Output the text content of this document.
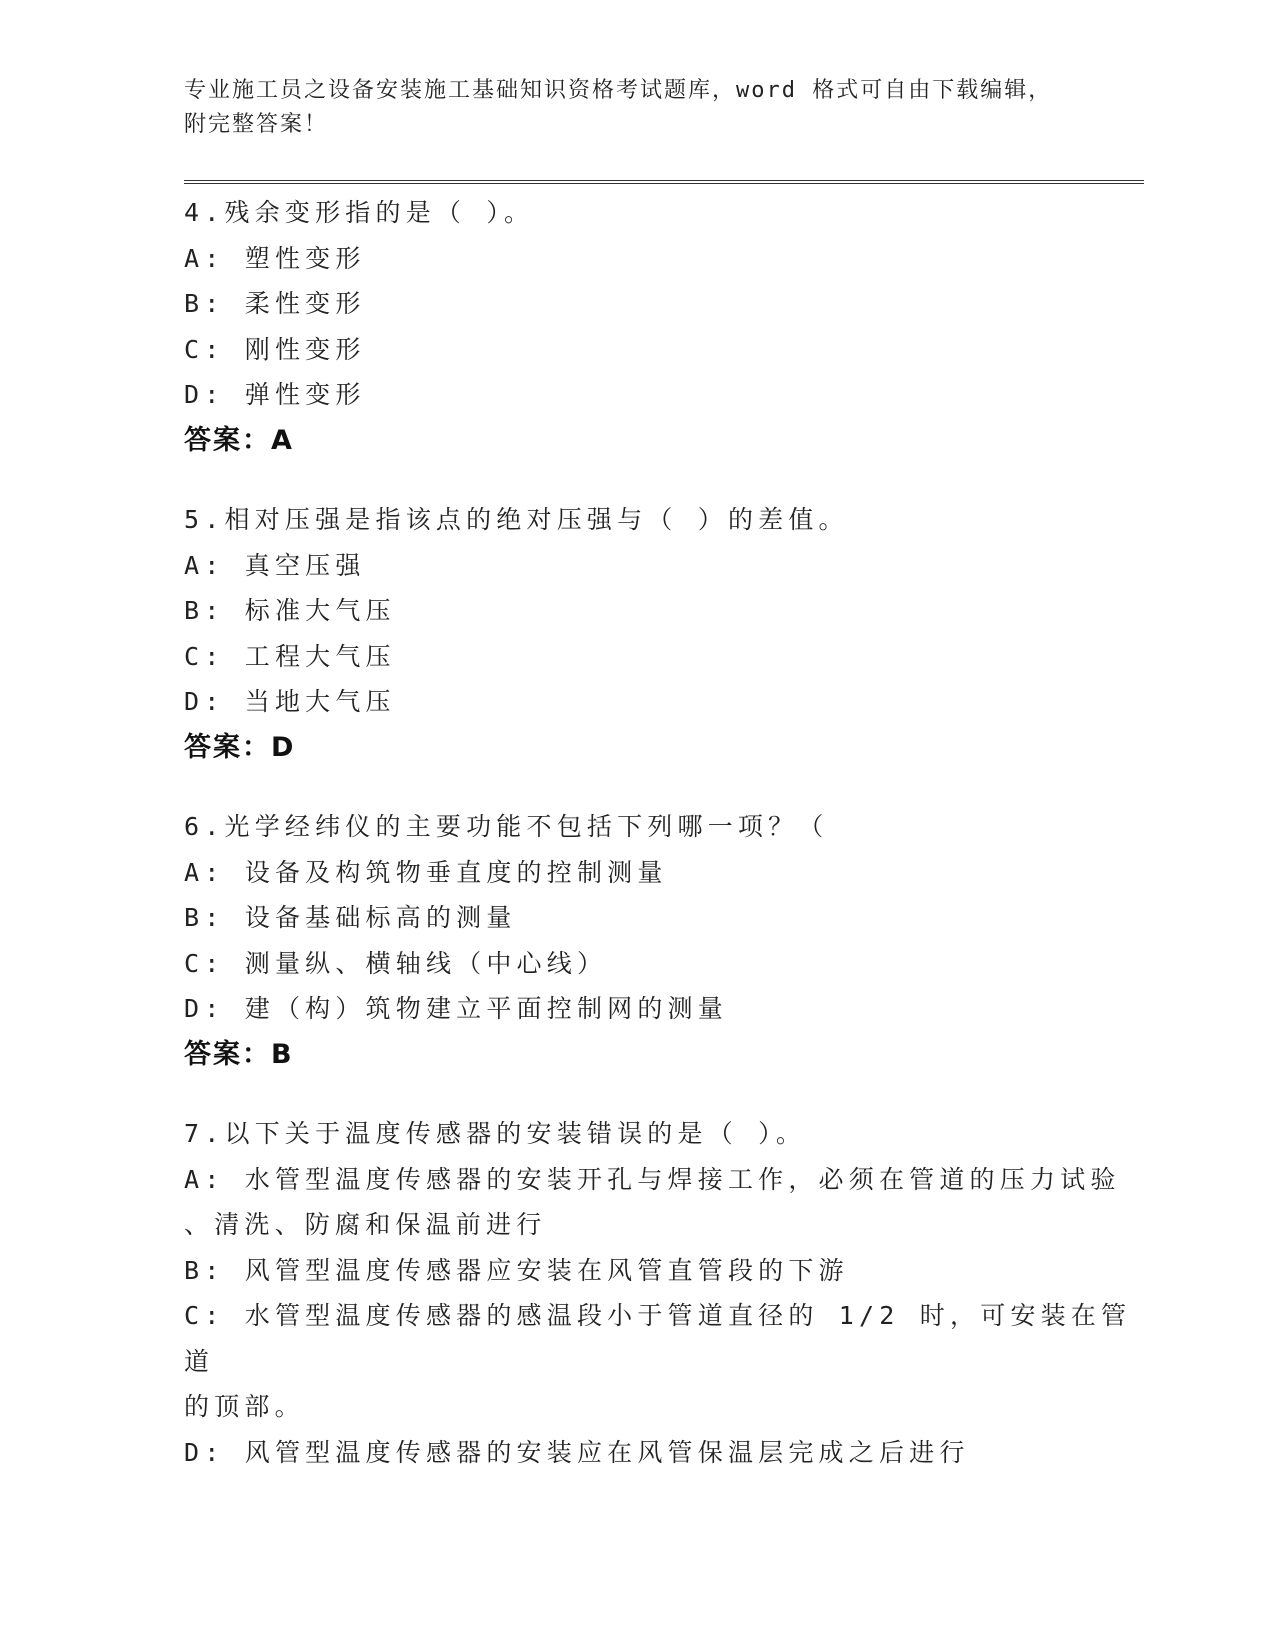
专业施工员之设备安装施工基础知识资格考试题库，word 格式可自由下载编辑，
附完整答案！
4.残余变形指的是（ ）。
A: 塑性变形
B: 柔性变形
C: 刚性变形
D: 弹性变形
答案：A
5.相对压强是指该点的绝对压强与（ ）的差值。
A: 真空压强
B: 标准大气压
C: 工程大气压
D: 当地大气压
答案：D
6.光学经纬仪的主要功能不包括下列哪一项？（
A: 设备及构筑物垂直度的控制测量
B: 设备基础标高的测量
C: 测量纵、横轴线（中心线）
D: 建（构）筑物建立平面控制网的测量
答案：B
7.以下关于温度传感器的安装错误的是（ ）。
A: 水管型温度传感器的安装开孔与焊接工作，必须在管道的压力试验
、清洗、防腐和保温前进行
B: 风管型温度传感器应安装在风管直管段的下游
C: 水管型温度传感器的感温段小于管道直径的 1/2 时，可安装在管道
的顶部。
D: 风管型温度传感器的安装应在风管保温层完成之后进行
